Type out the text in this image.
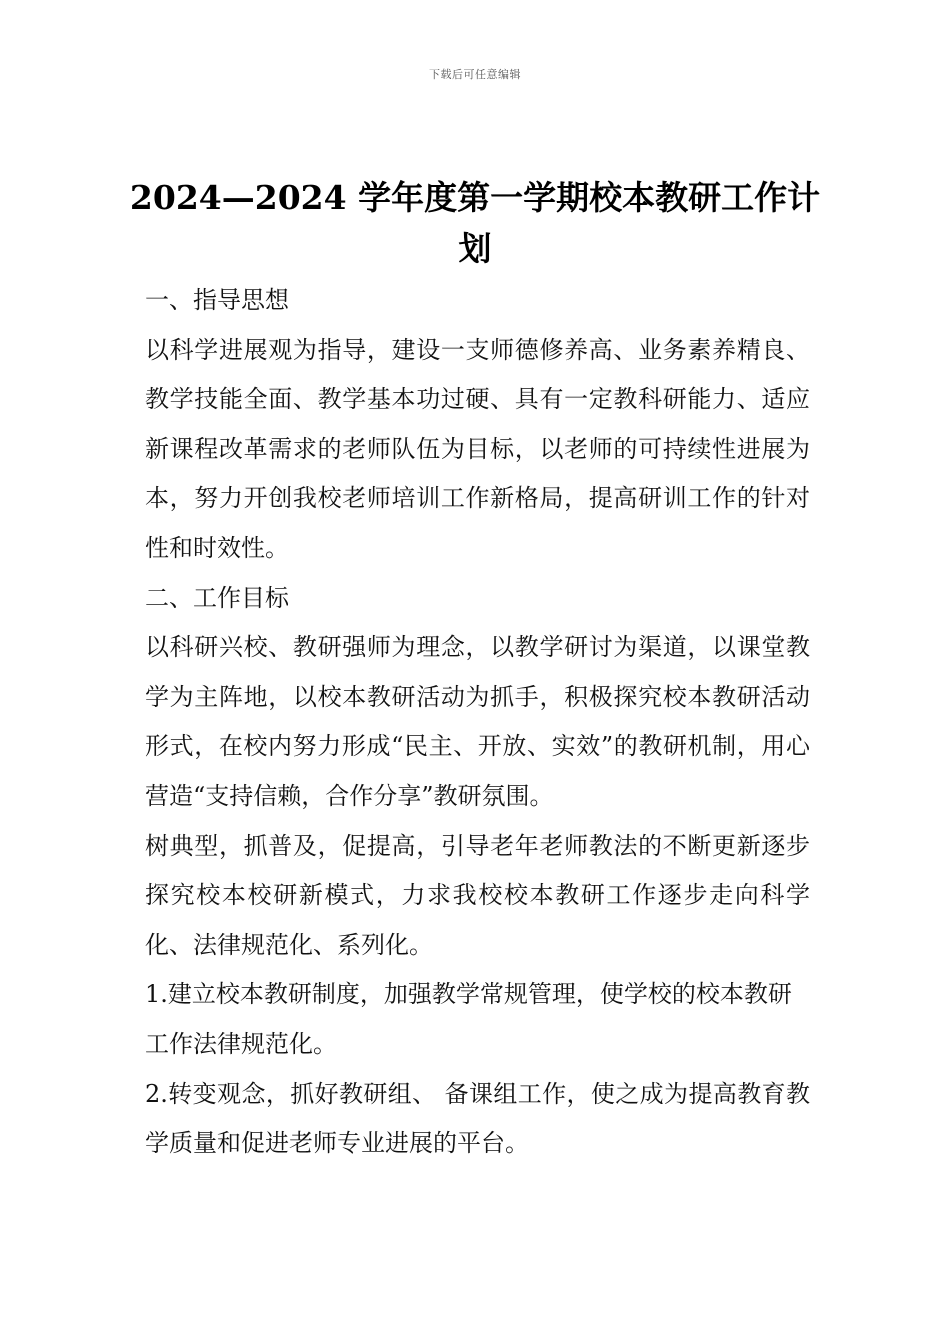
下载后可任意编辑
2024—2024 学年度第一学期校本教研工作计划

一、指导思想

以科学进展观为指导，建设一支师德修养高、业务素养精良、教学技能全面、教学基本功过硬、具有一定教科研能力、适应新课程改革需求的老师队伍为目标，以老师的可持续性进展为本，努力开创我校老师培训工作新格局，提高研训工作的针对性和时效性。

二、工作目标

以科研兴校、教研强师为理念，以教学研讨为渠道，以课堂教学为主阵地，以校本教研活动为抓手，积极探究校本教研活动形式，在校内努力形成“民主、开放、实效”的教研机制，用心营造“支持信赖，合作分享”教研氛围。

树典型，抓普及，促提高，引导老年老师教法的不断更新逐步探究校本校研新模式，力求我校校本教研工作逐步走向科学化、法律规范化、系列化。

1.建立校本教研制度，加强教学常规管理，使学校的校本教研

工作法律规范化。

2.转变观念，抓好教研组、 备课组工作，使之成为提高教育教学质量和促进老师专业进展的平台。
